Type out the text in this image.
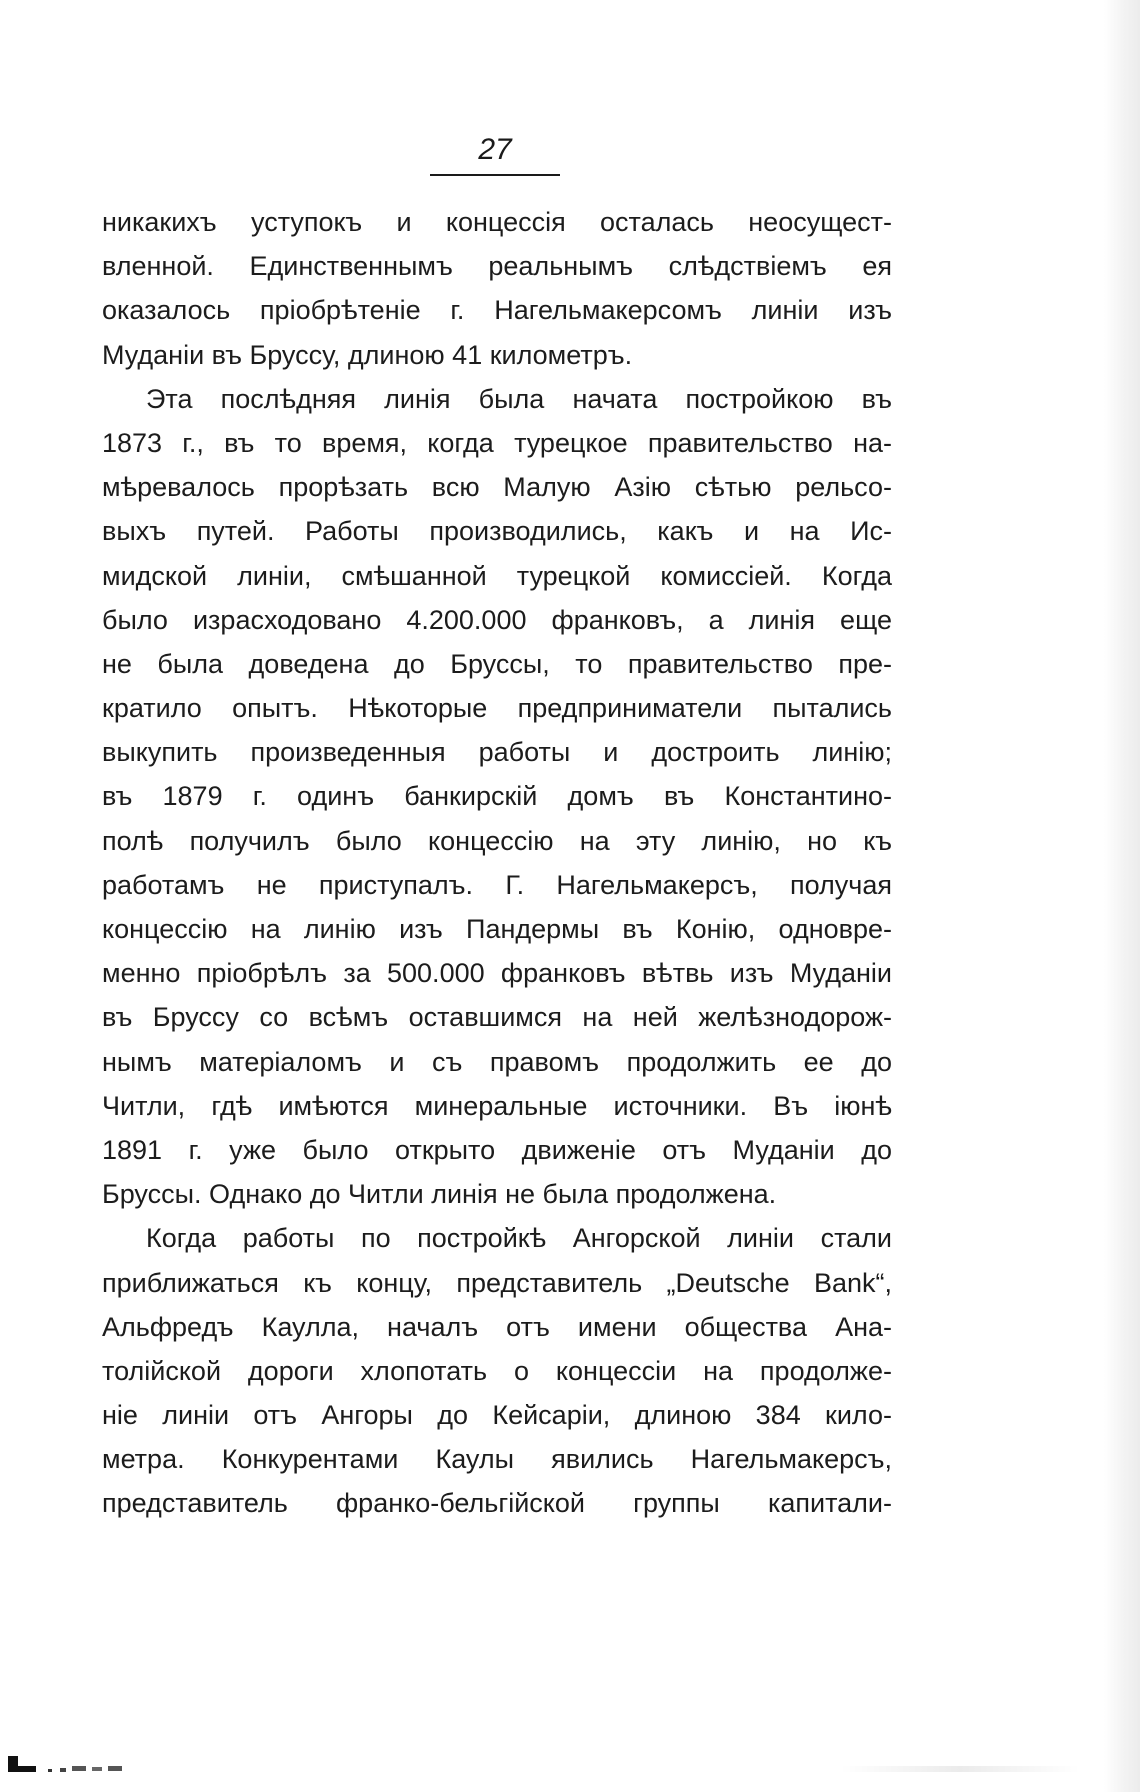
27
никакихъ уступокъ и концессія осталась неосущест-
вленной. Единственнымъ реальнымъ слѣдствіемъ ея
оказалось пріобрѣтеніе г. Нагельмакерсомъ линіи изъ
Муданіи въ Бруссу, длиною 41 километръ.
Эта послѣдняя линія была начата постройкою въ
1873 г., въ то время, когда турецкое правительство на-
мѣревалось прорѣзать всю Малую Азію сѣтью рельсо-
выхъ путей. Работы производились, какъ и на Ис-
мидской линіи, смѣшанной турецкой комиссіей. Когда
было израсходовано 4.200.000 франковъ, а линія еще
не была доведена до Бруссы, то правительство пре-
кратило опытъ. Нѣкоторые предприниматели пытались
выкупить произведенныя работы и достроить линію;
въ 1879 г. одинъ банкирскій домъ въ Константино-
полѣ получилъ было концессію на эту линію, но къ
работамъ не приступалъ. Г. Нагельмакерсъ, получая
концессію на линію изъ Пандермы въ Конію, одновре-
менно пріобрѣлъ за 500.000 франковъ вѣтвь изъ Муданіи
въ Бруссу со всѣмъ оставшимся на ней желѣзнодорож-
нымъ матеріаломъ и съ правомъ продолжить ее до
Читли, гдѣ имѣются минеральные источники. Въ іюнѣ
1891 г. уже было открыто движеніе отъ Муданіи до
Бруссы. Однако до Читли линія не была продолжена.
Когда работы по постройкѣ Ангорской линіи стали
приближаться къ концу, представитель „Deutsche Bank“,
Альфредъ Каулла, началъ отъ имени общества Ана-
толійской дороги хлопотать о концессіи на продолже-
ніе линіи отъ Ангоры до Кейсаріи, длиною 384 кило-
метра. Конкурентами Каулы явились Нагельмакерсъ,
представитель франко-бельгійской группы капитали-
